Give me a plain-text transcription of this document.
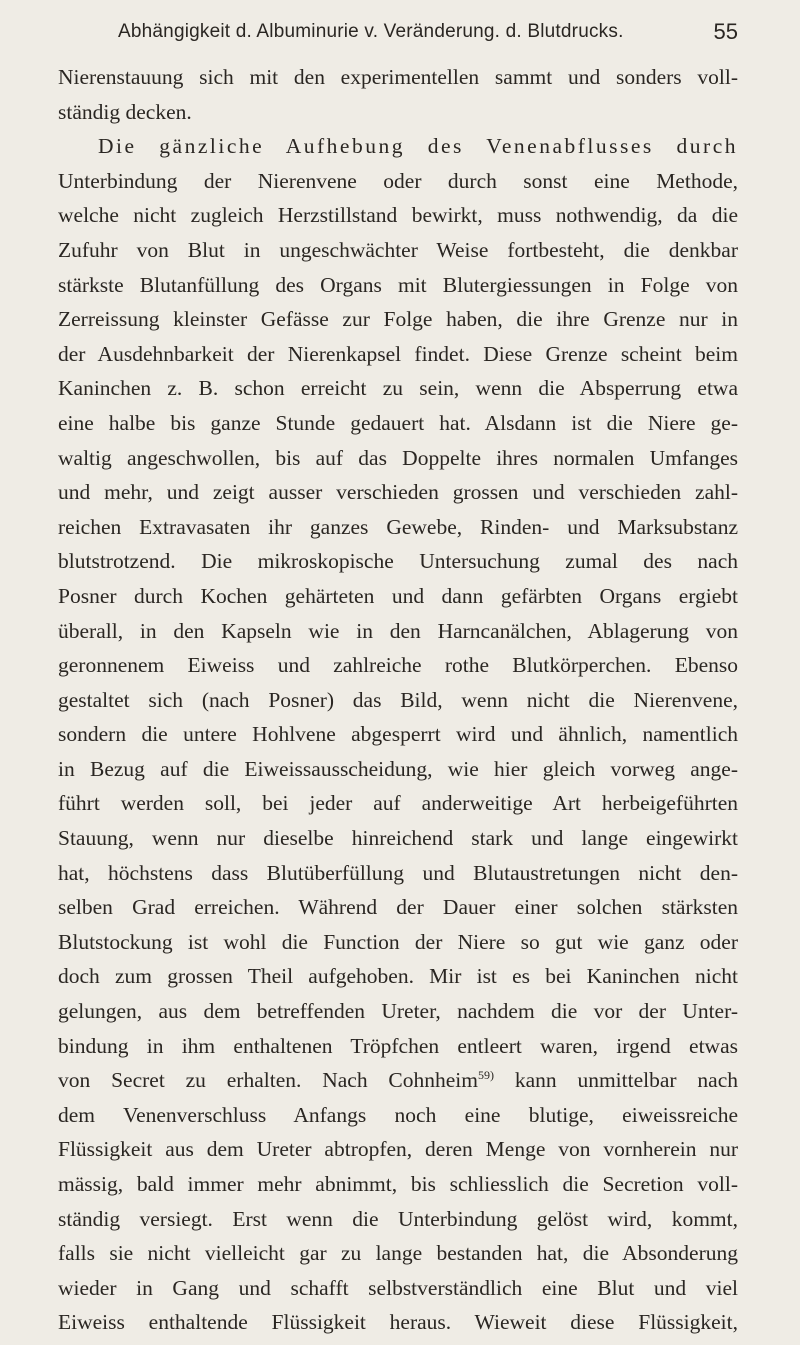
Abhängigkeit d. Albuminurie v. Veränderung. d. Blutdrucks.	55
Nierenstauung sich mit den experimentellen sammt und sonders voll-
ständig decken.
Die gänzliche Aufhebung des Venenabflusses durch
Unterbindung der Nierenvene oder durch sonst eine Methode,
welche nicht zugleich Herzstillstand bewirkt, muss nothwendig, da die
Zufuhr von Blut in ungeschwächter Weise fortbesteht, die denkbar
stärkste Blutanfüllung des Organs mit Blutergiessungen in Folge von
Zerreissung kleinster Gefässe zur Folge haben, die ihre Grenze nur in
der Ausdehnbarkeit der Nierenkapsel findet. Diese Grenze scheint beim
Kaninchen z. B. schon erreicht zu sein, wenn die Absperrung etwa
eine halbe bis ganze Stunde gedauert hat. Alsdann ist die Niere ge-
waltig angeschwollen, bis auf das Doppelte ihres normalen Umfanges
und mehr, und zeigt ausser verschieden grossen und verschieden zahl-
reichen Extravasaten ihr ganzes Gewebe, Rinden- und Marksubstanz
blutstrotzend. Die mikroskopische Untersuchung zumal des nach
Posner durch Kochen gehärteten und dann gefärbten Organs ergiebt
überall, in den Kapseln wie in den Harncanälchen, Ablagerung von
geronnenem Eiweiss und zahlreiche rothe Blutkörperchen. Ebenso
gestaltet sich (nach Posner) das Bild, wenn nicht die Nierenvene,
sondern die untere Hohlvene abgesperrt wird und ähnlich, namentlich
in Bezug auf die Eiweissausscheidung, wie hier gleich vorweg ange-
führt werden soll, bei jeder auf anderweitige Art herbeigeführten
Stauung, wenn nur dieselbe hinreichend stark und lange eingewirkt
hat, höchstens dass Blutüberfüllung und Blutaustretungen nicht den-
selben Grad erreichen. Während der Dauer einer solchen stärksten
Blutstockung ist wohl die Function der Niere so gut wie ganz oder
doch zum grossen Theil aufgehoben. Mir ist es bei Kaninchen nicht
gelungen, aus dem betreffenden Ureter, nachdem die vor der Unter-
bindung in ihm enthaltenen Tröpfchen entleert waren, irgend etwas
von Secret zu erhalten. Nach Cohnheim$^{59)}$ kann unmittelbar nach
dem Venenverschluss Anfangs noch eine blutige, eiweissreiche
Flüssigkeit aus dem Ureter abtropfen, deren Menge von vornherein nur
mässig, bald immer mehr abnimmt, bis schliesslich die Secretion voll-
ständig versiegt. Erst wenn die Unterbindung gelöst wird, kommt,
falls sie nicht vielleicht gar zu lange bestanden hat, die Absonderung
wieder in Gang und schafft selbstverständlich eine Blut und viel
Eiweiss enthaltende Flüssigkeit heraus. Wieweit diese Flüssigkeit,
